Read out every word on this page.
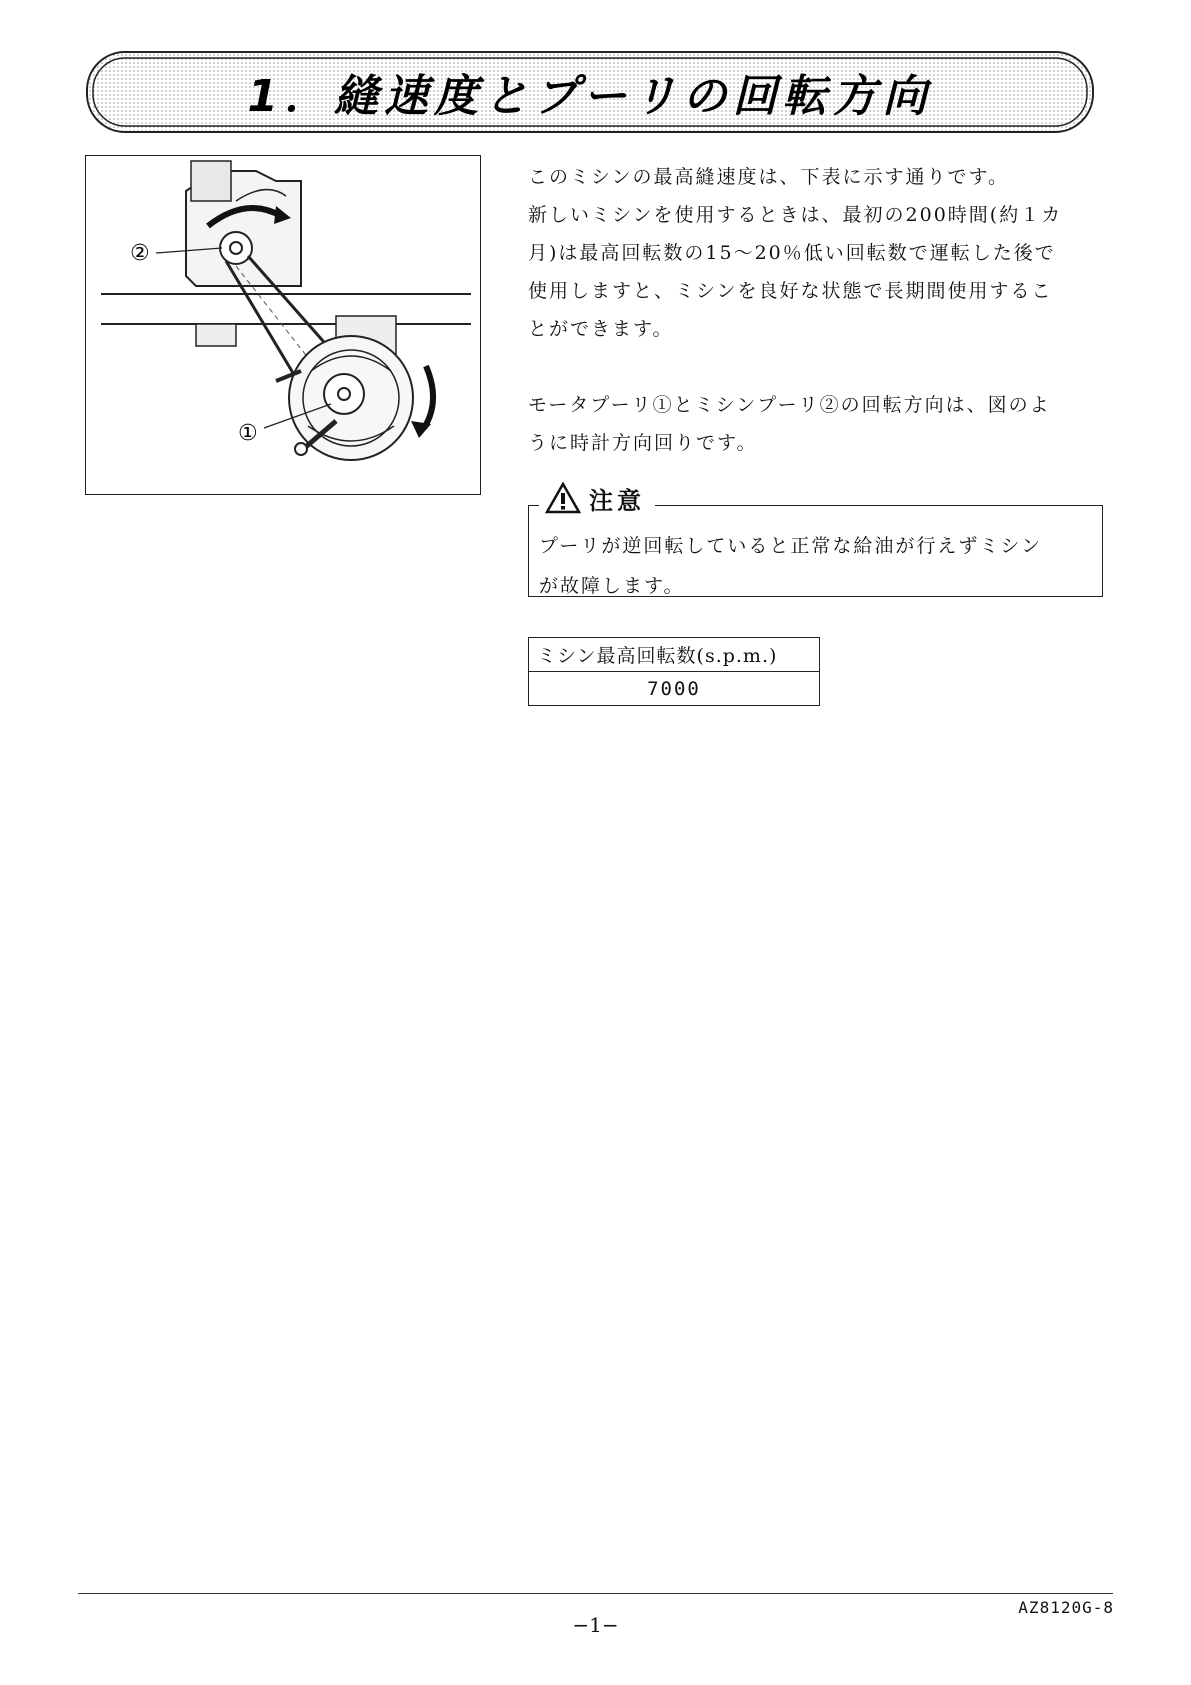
1．縫速度とプーリの回転方向
②
①

このミシンの最高縫速度は、下表に示す通りです。

新しいミシンを使用するときは、最初の200時間(約１カ

月)は最高回転数の15〜20％低い回転数で運転した後で

使用しますと、ミシンを良好な状態で長期間使用するこ

とができます。

モータプーリ①とミシンプーリ②の回転方向は、図のよ

うに時計方向回りです。

注意
プーリが逆回転していると正常な給油が行えずミシン
が故障します。
ミシン最高回転数(s.p.m.)
7000
AZ8120G-8
−1−
